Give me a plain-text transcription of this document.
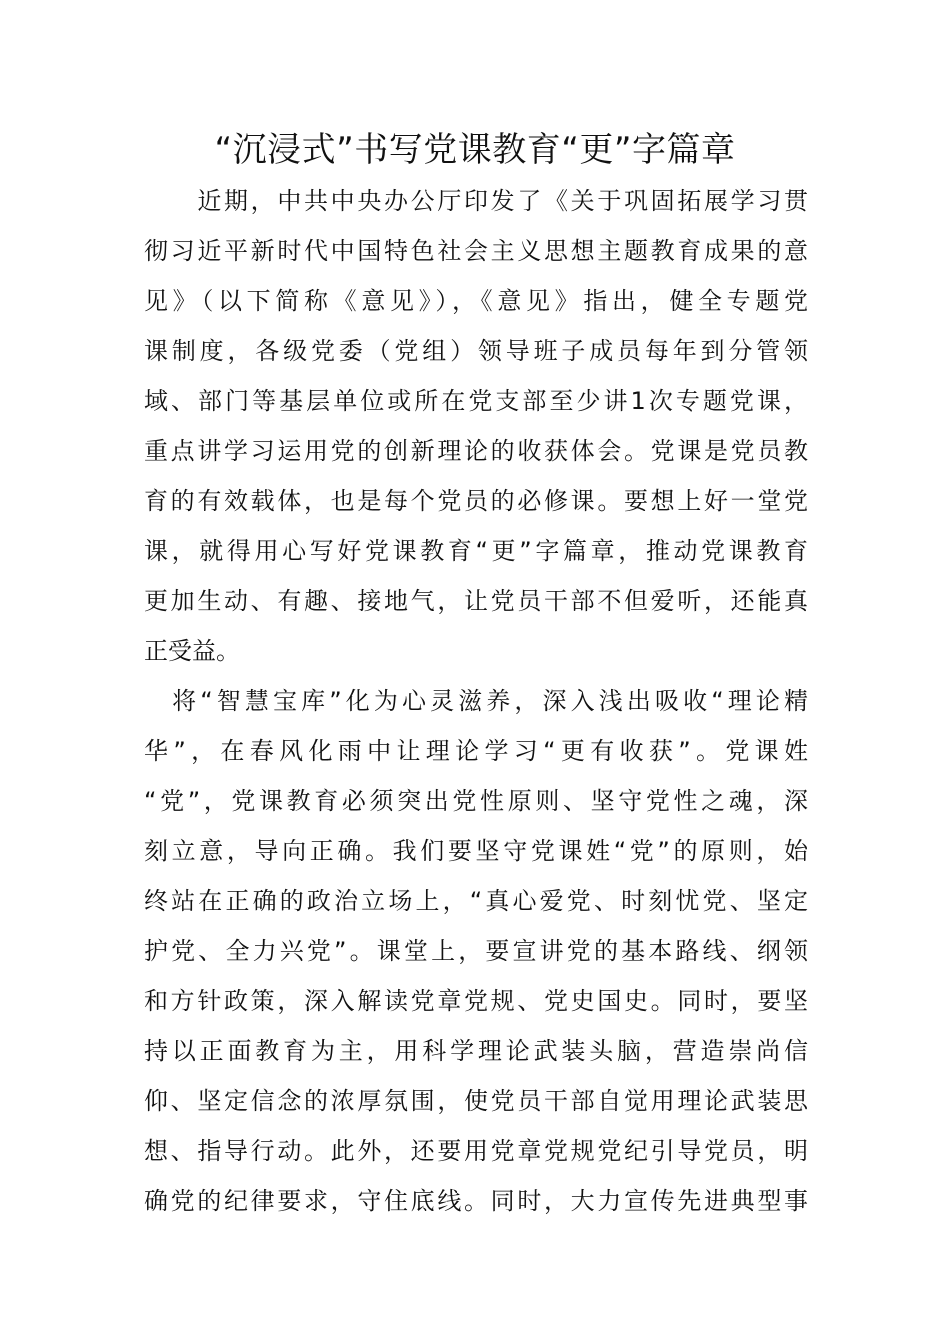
“沉浸式”书写党课教育“更”字篇章
　　近期，中共中央办公厅印发了《关于巩固拓展学习贯
彻习近平新时代中国特色社会主义思想主题教育成果的意
见》（以下简称《意见》），《意见》指出，健全专题党
课制度，各级党委（党组）领导班子成员每年到分管领
域、部门等基层单位或所在党支部至少讲1次专题党课，
重点讲学习运用党的创新理论的收获体会。党课是党员教
育的有效载体，也是每个党员的必修课。要想上好一堂党
课，就得用心写好党课教育“更”字篇章，推动党课教育
更加生动、有趣、接地气，让党员干部不但爱听，还能真
正受益。
　将“智慧宝库”化为心灵滋养，深入浅出吸收“理论精
华”，在春风化雨中让理论学习“更有收获”。党课姓
“党”，党课教育必须突出党性原则、坚守党性之魂，深
刻立意，导向正确。我们要坚守党课姓“党”的原则，始
终站在正确的政治立场上，“真心爱党、时刻忧党、坚定
护党、全力兴党”。课堂上，要宣讲党的基本路线、纲领
和方针政策，深入解读党章党规、党史国史。同时，要坚
持以正面教育为主，用科学理论武装头脑，营造崇尚信
仰、坚定信念的浓厚氛围，使党员干部自觉用理论武装思
想、指导行动。此外，还要用党章党规党纪引导党员，明
确党的纪律要求，守住底线。同时，大力宣传先进典型事
